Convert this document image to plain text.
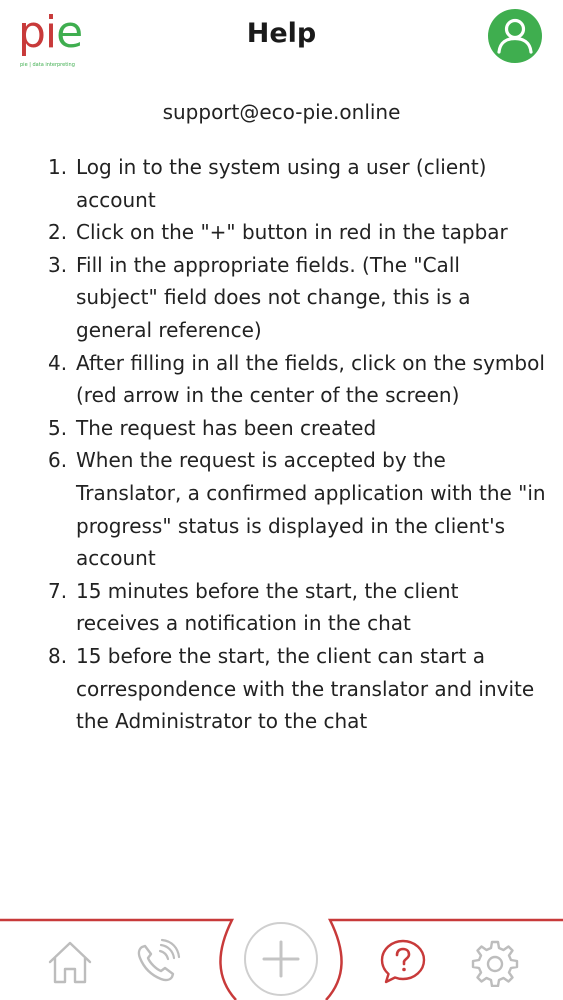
pie
pie | data interpreting
Help
support@eco-pie.online
1. Log in to the system using a user (client) account
2. Click on the "+" button in red in the tapbar
3. Fill in the appropriate fields. (The "Call subject" field does not change, this is a general reference)
4. After filling in all the fields, click on the symbol (red arrow in the center of the screen)
5. The request has been created
6. When the request is accepted by the Translator, a confirmed application with the "in progress" status is displayed in the client's account
7. 15 minutes before the start, the client receives a notification in the chat
8. 15 before the start, the client can start a correspondence with the translator and invite the Administrator to the chat
